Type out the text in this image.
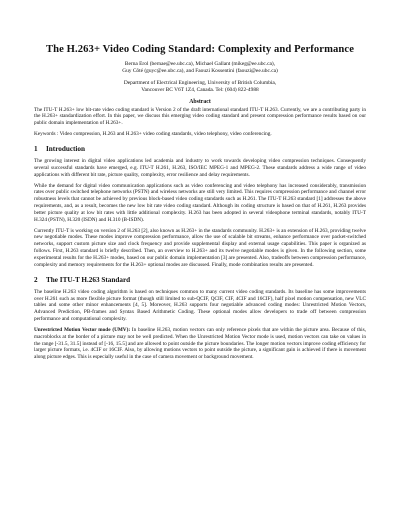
The H.263+ Video Coding Standard: Complexity and Performance
Berna Erol (bernae@ee.ubc.ca), Michael Gallant (mikeg@ee.ubc.ca),
Guy Côté (guyc@ee.ubc.ca), and Faouzi Kossentini (faouzi@ee.ubc.ca)
Department of Electrical Engineering, University of British Columbia,
Vancouver BC V6T 1Z4, Canada. Tel: (604) 822-4988
Abstract

The ITU-T H.263+ low bit-rate video coding standard is Version 2 of the draft international standard ITU-T H.263. Currently, we are a contributing party in the H.263+ standardization effort. In this paper, we discuss this emerging video coding standard and present compression performance results based on our public domain implementation of H.263+.

Keywords : Video compression, H.263 and H.263+ video coding standards, video telephony, video conferencing.

1 Introduction

The growing interest in digital video applications led academia and industry to work towards developing video compression techniques. Consequently several successful standards have emerged, e.g. ITU-T H.261, H.263, ISO/IEC MPEG-1 and MPEG-2. These standards address a wide range of video applications with different bit rate, picture quality, complexity, error resilience and delay requirements.

While the demand for digital video communication applications such as video conferencing and video telephony has increased considerably, transmission rates over public switched telephone networks (PSTN) and wireless networks are still very limited. This requires compression performance and channel error robustness levels that cannot be achieved by previous block-based video coding standards such as H.261. The ITU-T H.263 standard [1] addresses the above requirements, and, as a result, becomes the new low bit rate video coding standard. Although its coding structure is based on that of H.261, H.263 provides better picture quality at low bit rates with little additional complexity. H.263 has been adopted in several videophone terminal standards, notably ITU-T H.324 (PSTN), H.320 (ISDN) and H.310 (B-ISDN).

Currently ITU-T is working on version 2 of H.263 [2], also known as H.263+ in the standards community. H.263+ is an extension of H.263, providing twelve new negotiable modes. These modes improve compression performance, allow the use of scalable bit streams, enhance performance over packet-switched networks, support custom picture size and clock frequency and provide supplemental display and external usage capabilities. This paper is organized as follows. First, H.263 standard is briefly described. Then, an overview to H.263+ and its twelve negotiable modes is given. In the following section, some experimental results for the H.263+ modes, based on our public domain implementation [3] are presented. Also, tradeoffs between compression performance, complexity and memory requirements for the H.263+ optional modes are discussed. Finally, mode combination results are presented.

2 The ITU-T H.263 Standard

The baseline H.263 video coding algorithm is based on techniques common to many current video coding standards. Its baseline has some improvements over H.261 such as more flexible picture format (though still limited to sub-QCIF, QCIF, CIF, 4CIF and 16CIF), half pixel motion compensation, new VLC tables and some other minor enhancements [4, 5]. Moreover, H.263 supports four negotiable advanced coding modes: Unrestricted Motion Vectors, Advanced Prediction, PB-frames and Syntax Based Arithmetic Coding. These optional modes allow developers to trade off between compression performance and computational complexity.

Unrestricted Motion Vector mode (UMV): In baseline H.263, motion vectors can only reference pixels that are within the picture area. Because of this, macroblocks at the border of a picture may not be well predicted. When the Unrestricted Motion Vector mode is used, motion vectors can take on values in the range [-31.5, 31.5] instead of [-16, 15.5] and are allowed to point outside the picture boundaries. The longer motion vectors improve coding efficiency for larger picture formats, i.e. 4CIF or 16CIF. Also, by allowing motions vectors to point outside the picture, a significant gain is achieved if there is movement along picture edges. This is especially useful in the case of camera movement or background movement.
